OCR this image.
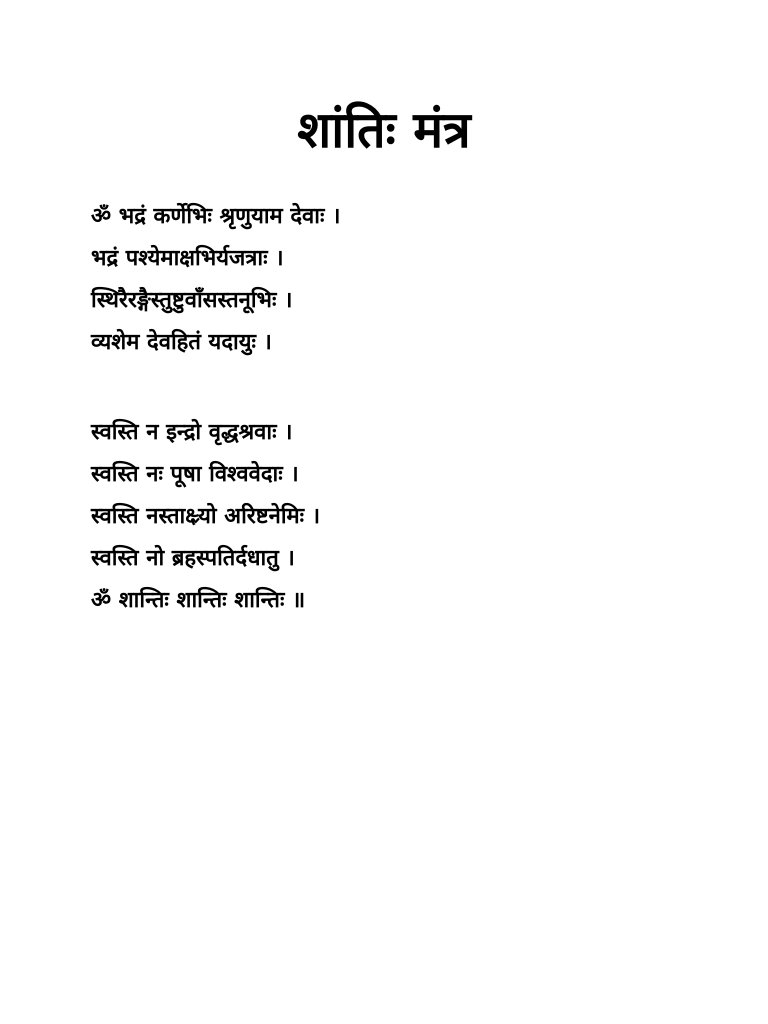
शांतिः मंत्र
ॐ भद्रं कर्णेभिः श्रृणुयाम देवाः ।
भद्रं पश्येमाक्षभिर्यजत्राः ।
स्थिरैरङ्गैस्तुष्टुवाँसस्तनूभिः ।
व्यशेम देवहितं यदायुः ।
स्वस्ति न इन्द्रो वृद्धश्रवाः ।
स्वस्ति नः पूषा विश्ववेदाः ।
स्वस्ति नस्ताक्ष्र्यो अरिष्टनेमिः ।
स्वस्ति नो ब्रहस्पतिर्दधातु ।
ॐ शान्तिः शान्तिः शान्तिः ॥
